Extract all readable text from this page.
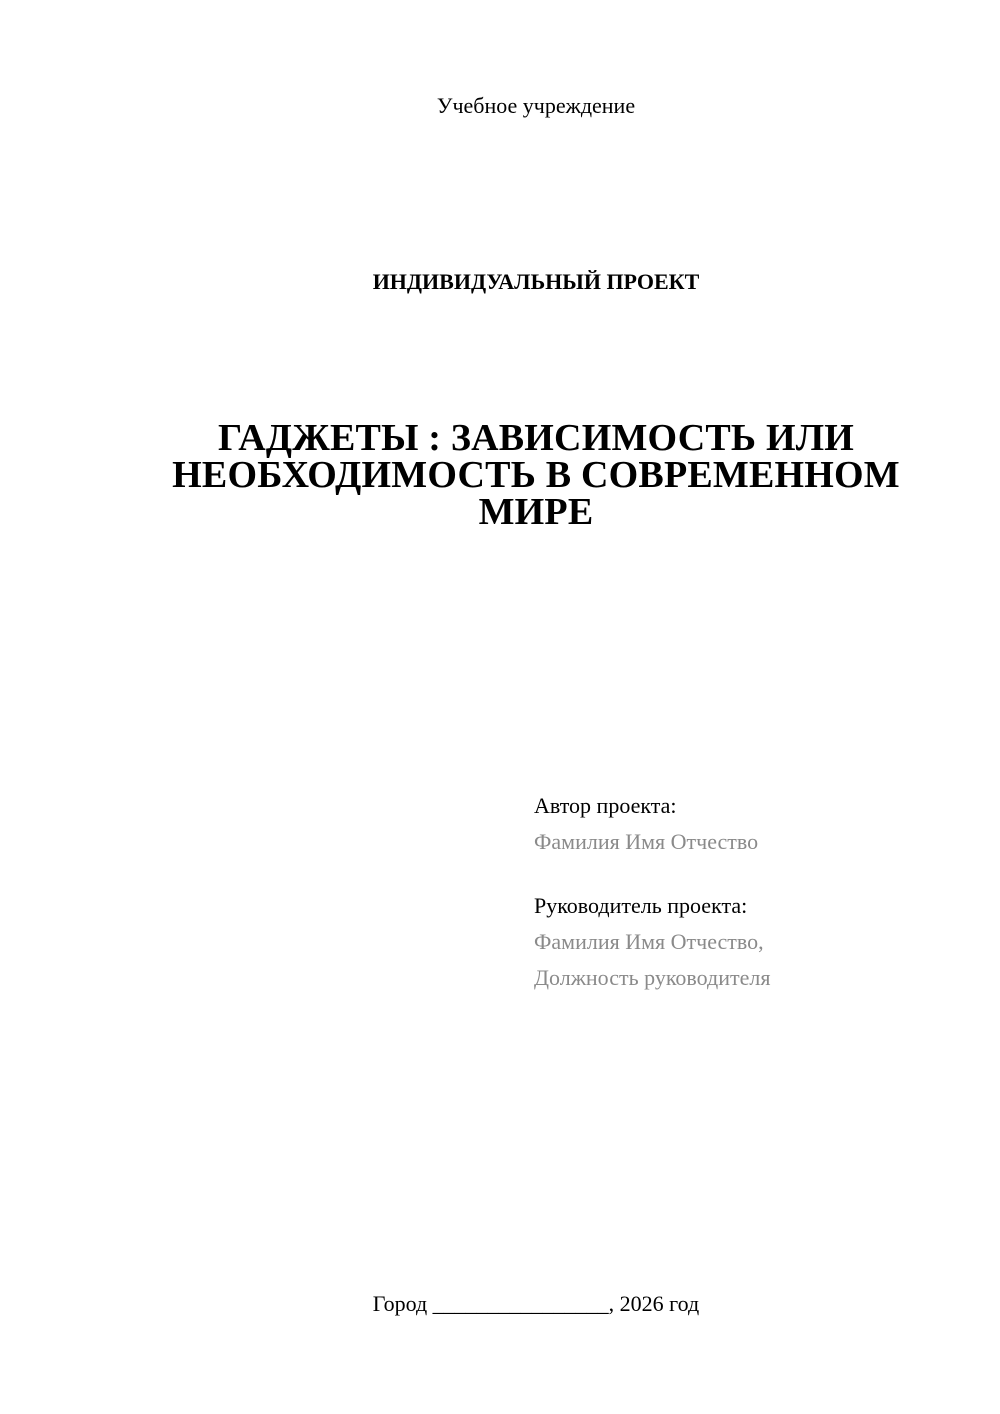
Учебное учреждение
ИНДИВИДУАЛЬНЫЙ ПРОЕКТ
ГАДЖЕТЫ : ЗАВИСИМОСТЬ ИЛИ
НЕОБХОДИМОСТЬ В СОВРЕМЕННОМ
МИРЕ
Автор проекта:
Фамилия Имя Отчество
Руководитель проекта:
Фамилия Имя Отчество,
Должность руководителя
Город ________________, 2026 год
